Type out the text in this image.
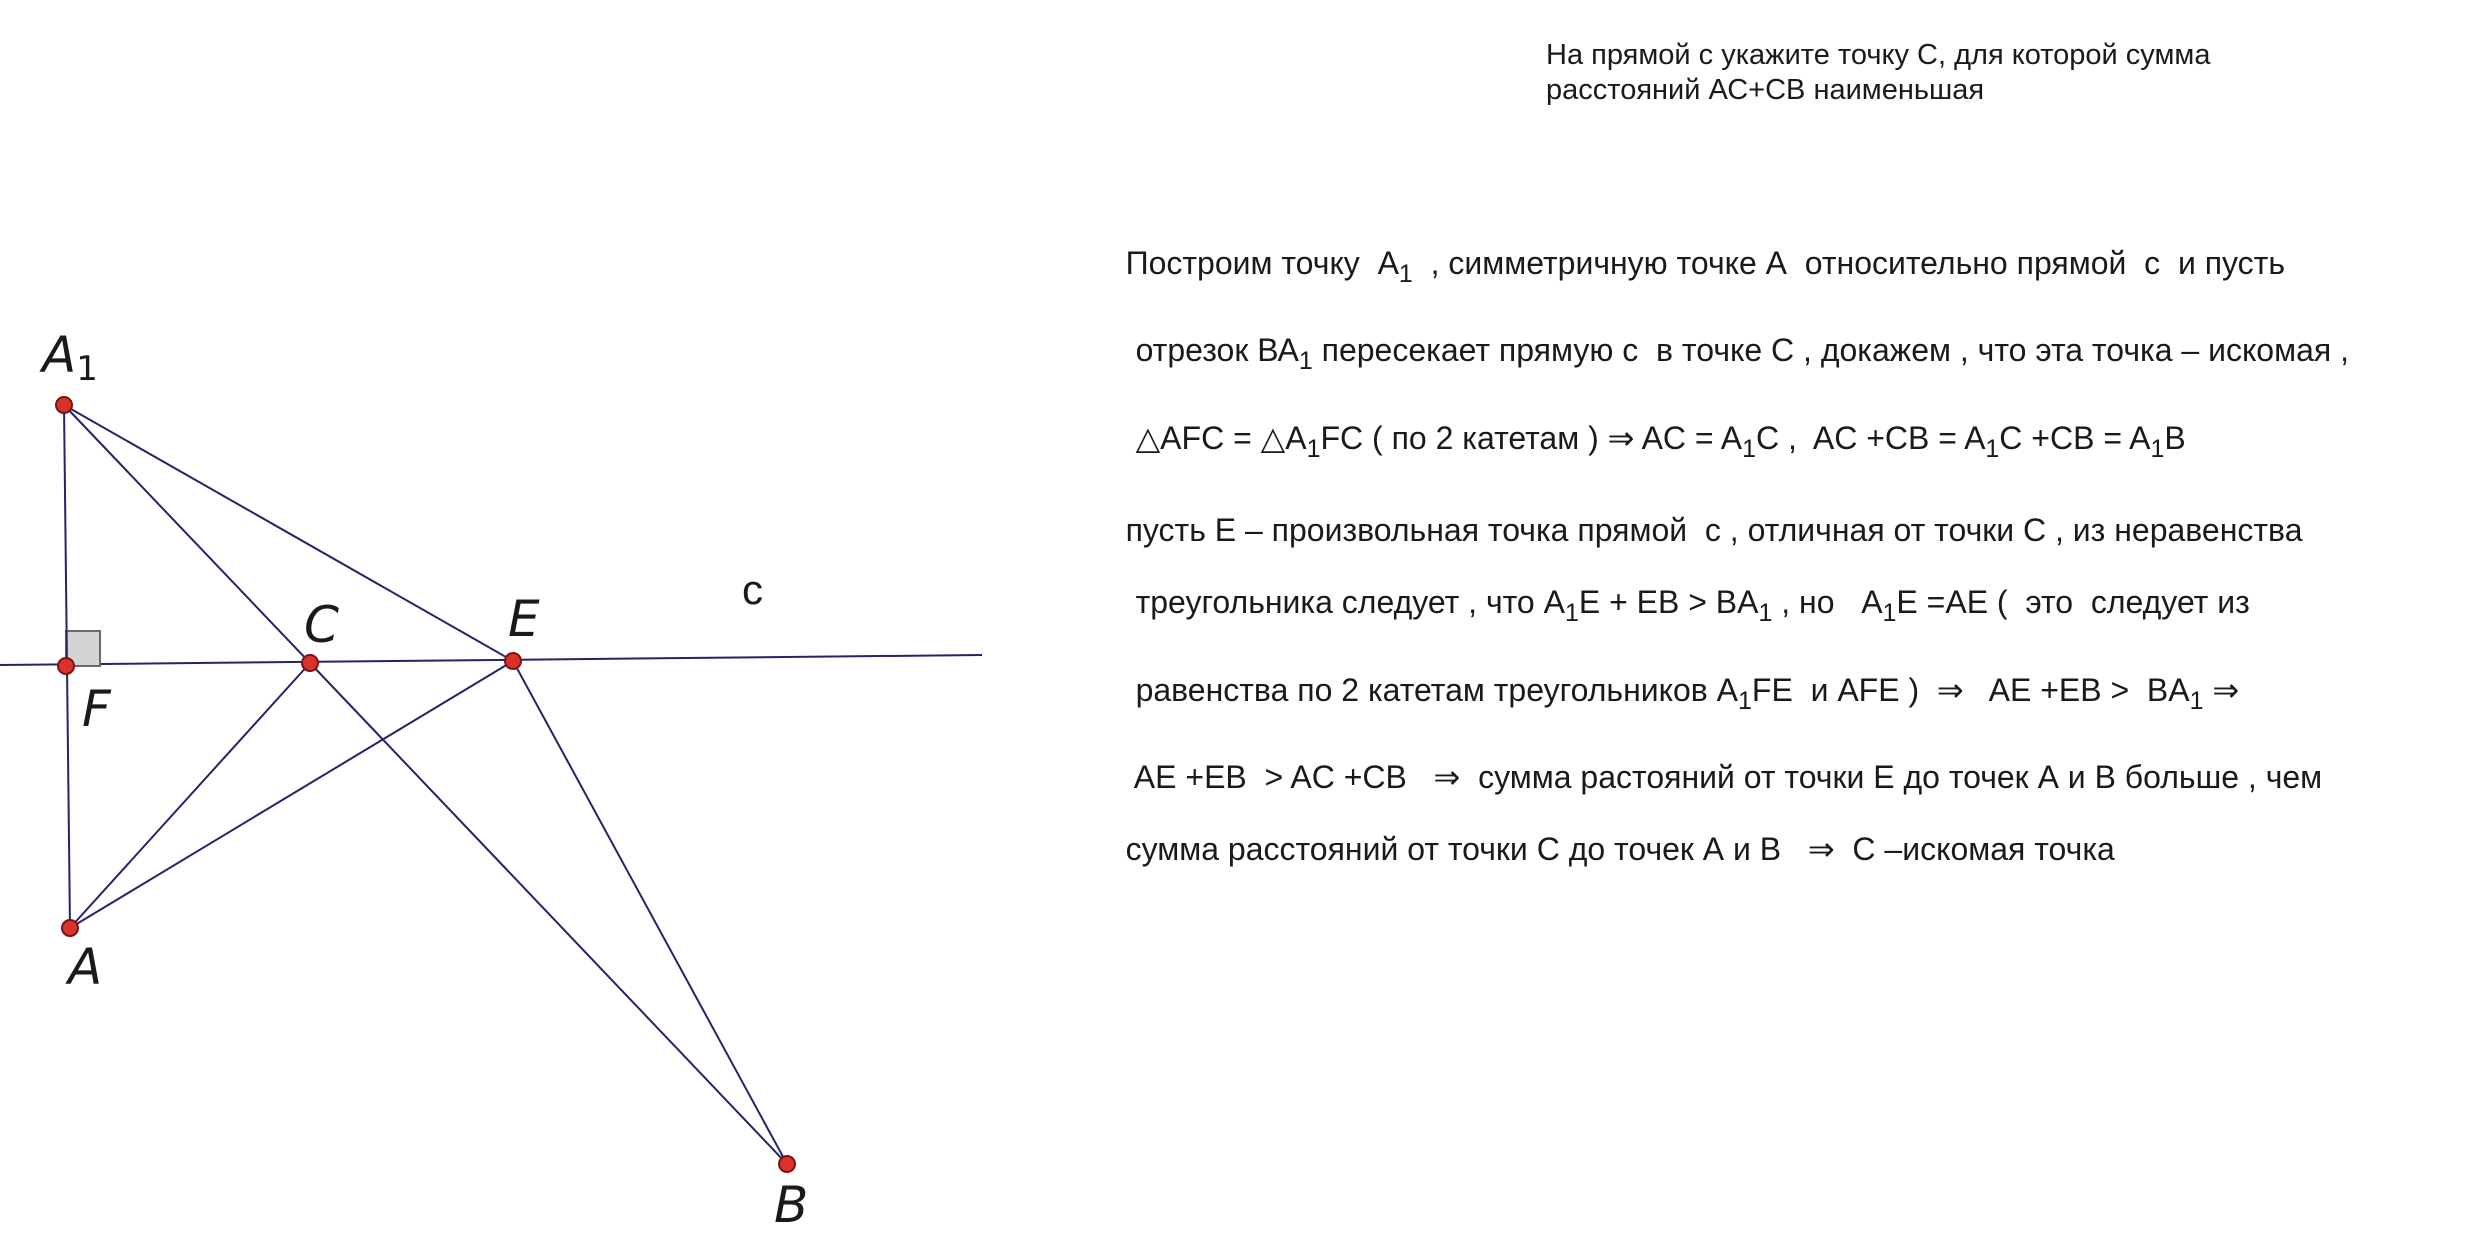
A1
F
C	E
A
B
c
На прямой с укажите точку С, для которой сумма
расстояний АС+СВ наименьшая

Построим точку  $А_1$  , симметричную точке А  относительно прямой  с  и пусть

отрезок $ВА_1$ пересекает прямую с  в точке С , докажем , что эта точка – искомая ,

△AFC = $\triangle A_1FC$ ( по 2 катетам ) ⇒ AC = $A_1C$ ,  AC $+CB = A_1C +CB = A_1B$

пусть Е – произвольная точка прямой  с , отличная от точки С , из неравенства

треугольника следует , что $A_1E$ + EB > $BA_1$ , но   $A_1E =AE$ (  это  следует из

равенства по 2 катетам треугольников $A_1FE$  и AFE )  ⇒   AE $+EB > BA_1$ ⇒

AE +EB  > AC +CB   ⇒  сумма растояний от точки Е до точек А и В больше , чем

сумма расстояний от точки С до точек А и В   ⇒  С –искомая точка
